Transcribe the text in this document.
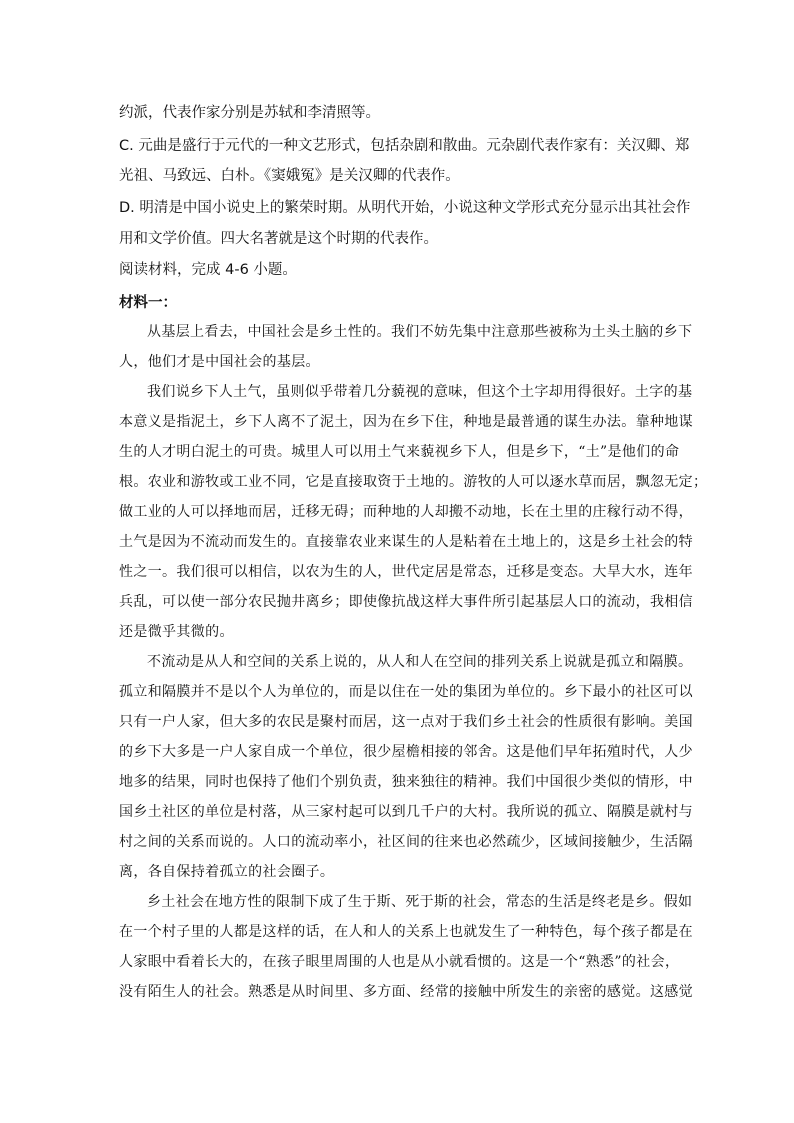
约派，代表作家分别是苏轼和李清照等。
C. 元曲是盛行于元代的一种文艺形式，包括杂剧和散曲。元杂剧代表作家有：关汉卿、郑
光祖、马致远、白朴。《窦娥冤》是关汉卿的代表作。
D. 明清是中国小说史上的繁荣时期。从明代开始，小说这种文学形式充分显示出其社会作
用和文学价值。四大名著就是这个时期的代表作。
阅读材料，完成 4-6 小题。
材料一：
从基层上看去，中国社会是乡土性的。我们不妨先集中注意那些被称为土头土脑的乡下
人，他们才是中国社会的基层。
我们说乡下人土气，虽则似乎带着几分藐视的意味，但这个土字却用得很好。土字的基
本意义是指泥土，乡下人离不了泥土，因为在乡下住，种地是最普通的谋生办法。靠种地谋
生的人才明白泥土的可贵。城里人可以用土气来藐视乡下人，但是乡下，“土”是他们的命
根。农业和游牧或工业不同，它是直接取资于土地的。游牧的人可以逐水草而居，飘忽无定；
做工业的人可以择地而居，迁移无碍；而种地的人却搬不动地，长在土里的庄稼行动不得，
土气是因为不流动而发生的。直接靠农业来谋生的人是粘着在土地上的，这是乡土社会的特
性之一。我们很可以相信，以农为生的人，世代定居是常态，迁移是变态。大旱大水，连年
兵乱，可以使一部分农民抛井离乡；即使像抗战这样大事件所引起基层人口的流动，我相信
还是微乎其微的。
不流动是从人和空间的关系上说的，从人和人在空间的排列关系上说就是孤立和隔膜。
孤立和隔膜并不是以个人为单位的，而是以住在一处的集团为单位的。乡下最小的社区可以
只有一户人家，但大多的农民是聚村而居，这一点对于我们乡土社会的性质很有影响。美国
的乡下大多是一户人家自成一个单位，很少屋檐相接的邻舍。这是他们早年拓殖时代，人少
地多的结果，同时也保持了他们个别负责，独来独往的精神。我们中国很少类似的情形，中
国乡土社区的单位是村落，从三家村起可以到几千户的大村。我所说的孤立、隔膜是就村与
村之间的关系而说的。人口的流动率小，社区间的往来也必然疏少，区域间接触少，生活隔
离，各自保持着孤立的社会圈子。
乡土社会在地方性的限制下成了生于斯、死于斯的社会，常态的生活是终老是乡。假如
在一个村子里的人都是这样的话，在人和人的关系上也就发生了一种特色，每个孩子都是在
人家眼中看着长大的，在孩子眼里周围的人也是从小就看惯的。这是一个“熟悉”的社会，
没有陌生人的社会。熟悉是从时间里、多方面、经常的接触中所发生的亲密的感觉。这感觉
